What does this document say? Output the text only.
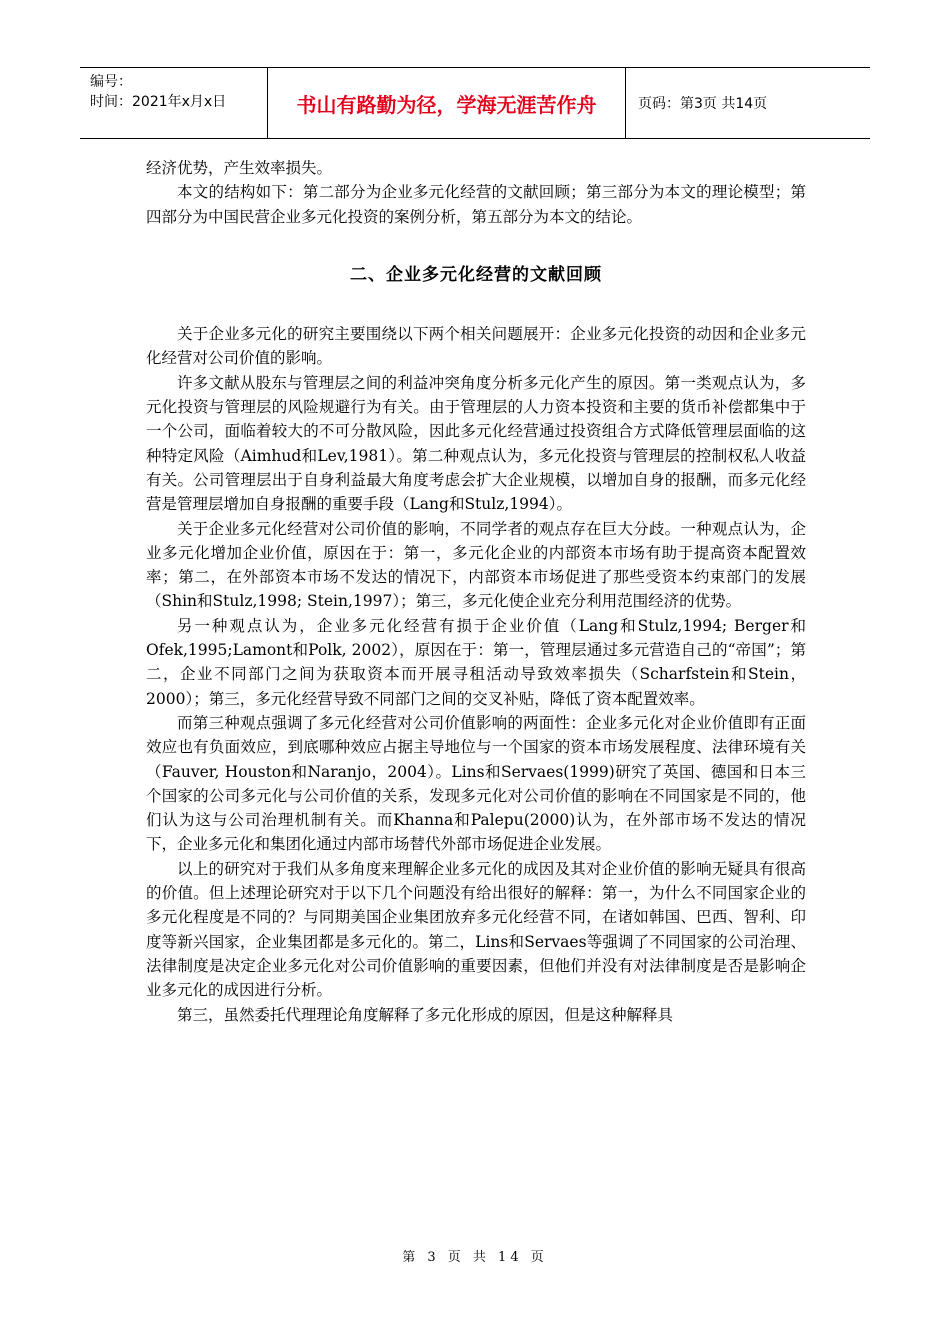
编号：
时间：2021年x月x日	书山有路勤为径，学海无涯苦作舟	页码：第3页 共14页

经济优势，产生效率损失。

本文的结构如下：第二部分为企业多元化经营的文献回顾；第三部分为本文的理论模型；第四部分为中国民营企业多元化投资的案例分析，第五部分为本文的结论。

二、企业多元化经营的文献回顾

关于企业多元化的研究主要围绕以下两个相关问题展开：企业多元化投资的动因和企业多元化经营对公司价值的影响。

许多文献从股东与管理层之间的利益冲突角度分析多元化产生的原因。第一类观点认为，多元化投资与管理层的风险规避行为有关。由于管理层的人力资本投资和主要的货币补偿都集中于一个公司，面临着较大的不可分散风险，因此多元化经营通过投资组合方式降低管理层面临的这种特定风险（Aimhud和Lev,1981）。第二种观点认为，多元化投资与管理层的控制权私人收益有关。公司管理层出于自身利益最大角度考虑会扩大企业规模，以增加自身的报酬，而多元化经营是管理层增加自身报酬的重要手段（Lang和Stulz,1994）。

关于企业多元化经营对公司价值的影响，不同学者的观点存在巨大分歧。一种观点认为，企业多元化增加企业价值，原因在于：第一，多元化企业的内部资本市场有助于提高资本配置效率；第二，在外部资本市场不发达的情况下，内部资本市场促进了那些受资本约束部门的发展（Shin和Stulz,1998; Stein,1997）；第三，多元化使企业充分利用范围经济的优势。

另一种观点认为，企业多元化经营有损于企业价值（Lang和Stulz,1994; Berger和Ofek,1995;Lamont和Polk, 2002），原因在于：第一，管理层通过多元营造自己的“帝国”；第二，企业不同部门之间为获取资本而开展寻租活动导致效率损失（Scharfstein和Stein，2000）；第三，多元化经营导致不同部门之间的交叉补贴，降低了资本配置效率。

而第三种观点强调了多元化经营对公司价值影响的两面性：企业多元化对企业价值即有正面效应也有负面效应，到底哪种效应占据主导地位与一个国家的资本市场发展程度、法律环境有关（Fauver, Houston和Naranjo，2004）。Lins和Servaes(1999)研究了英国、德国和日本三个国家的公司多元化与公司价值的关系，发现多元化对公司价值的影响在不同国家是不同的，他们认为这与公司治理机制有关。而Khanna和Palepu(2000)认为，在外部市场不发达的情况下，企业多元化和集团化通过内部市场替代外部市场促进企业发展。

以上的研究对于我们从多角度来理解企业多元化的成因及其对企业价值的影响无疑具有很高的价值。但上述理论研究对于以下几个问题没有给出很好的解释：第一，为什么不同国家企业的多元化程度是不同的？与同期美国企业集团放弃多元化经营不同，在诸如韩国、巴西、智利、印度等新兴国家，企业集团都是多元化的。第二，Lins和Servaes等强调了不同国家的公司治理、法律制度是决定企业多元化对公司价值影响的重要因素，但他们并没有对法律制度是否是影响企业多元化的成因进行分析。

第三，虽然委托代理理论角度解释了多元化形成的原因，但是这种解释具

第 3 页 共 14 页
